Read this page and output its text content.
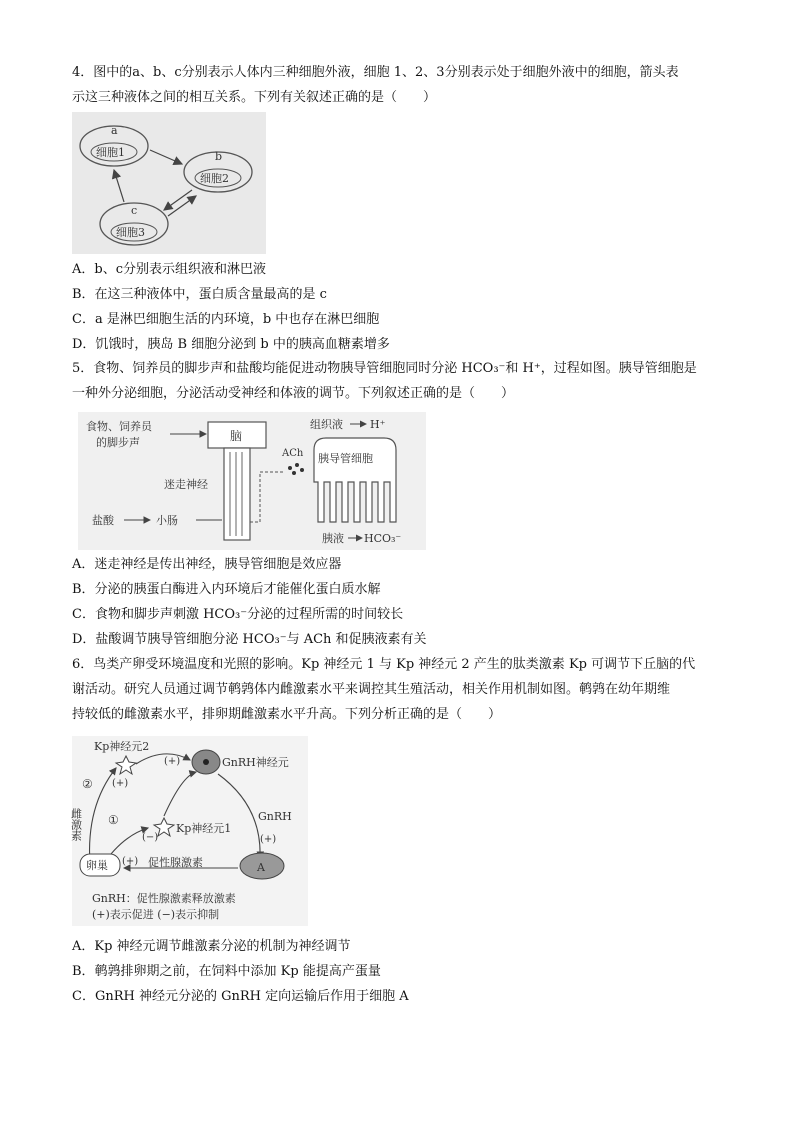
4．图中的a、b、c分别表示人体内三种细胞外液，细胞 1、2、3分别表示处于细胞外液中的细胞，箭头表
示这三种液体之间的相互关系。下列有关叙述正确的是（　　）
a
细胞1	b
细胞2
c
细胞3
A．b、c分别表示组织液和淋巴液
B．在这三种液体中，蛋白质含量最高的是 c
C．a 是淋巴细胞生活的内环境，b 中也存在淋巴细胞
D．饥饿时，胰岛 B 细胞分泌到 b 中的胰高血糖素增多
5．食物、饲养员的脚步声和盐酸均能促进动物胰导管细胞同时分泌 HCO₃⁻和 H⁺，过程如图。胰导管细胞是
一种外分泌细胞，分泌活动受神经和体液的调节。下列叙述正确的是（　　）
食物、饲养员
的脚步声	脑
迷走神经
盐酸	小肠
ACh
组织液 H⁺
胰导管细胞
胰液 HCO₃⁻
A．迷走神经是传出神经，胰导管细胞是效应器
B．分泌的胰蛋白酶进入内环境后才能催化蛋白质水解
C．食物和脚步声刺激 HCO₃⁻分泌的过程所需的时间较长
D．盐酸调节胰导管细胞分泌 HCO₃⁻与 ACh 和促胰液素有关
6．鸟类产卵受环境温度和光照的影响。Kp 神经元 1 与 Kp 神经元 2 产生的肽类激素 Kp 可调节下丘脑的代
谢活动。研究人员通过调节鹌鹑体内雌激素水平来调控其生殖活动，相关作用机制如图。鹌鹑在幼年期维
持较低的雌激素水平，排卵期雌激素水平升高。下列分析正确的是（　　）
Kp神经元2
(+)
GnRH神经元
(+)
②
雌激素 ①
(−)
Kp神经元1
GnRH
(+)
A
卵巢 (+) 促性腺激素
GnRH：促性腺激素释放激素
(+)表示促进 (−)表示抑制
A．Kp 神经元调节雌激素分泌的机制为神经调节
B．鹌鹑排卵期之前，在饲料中添加 Kp 能提高产蛋量
C．GnRH 神经元分泌的 GnRH 定向运输后作用于细胞 A
